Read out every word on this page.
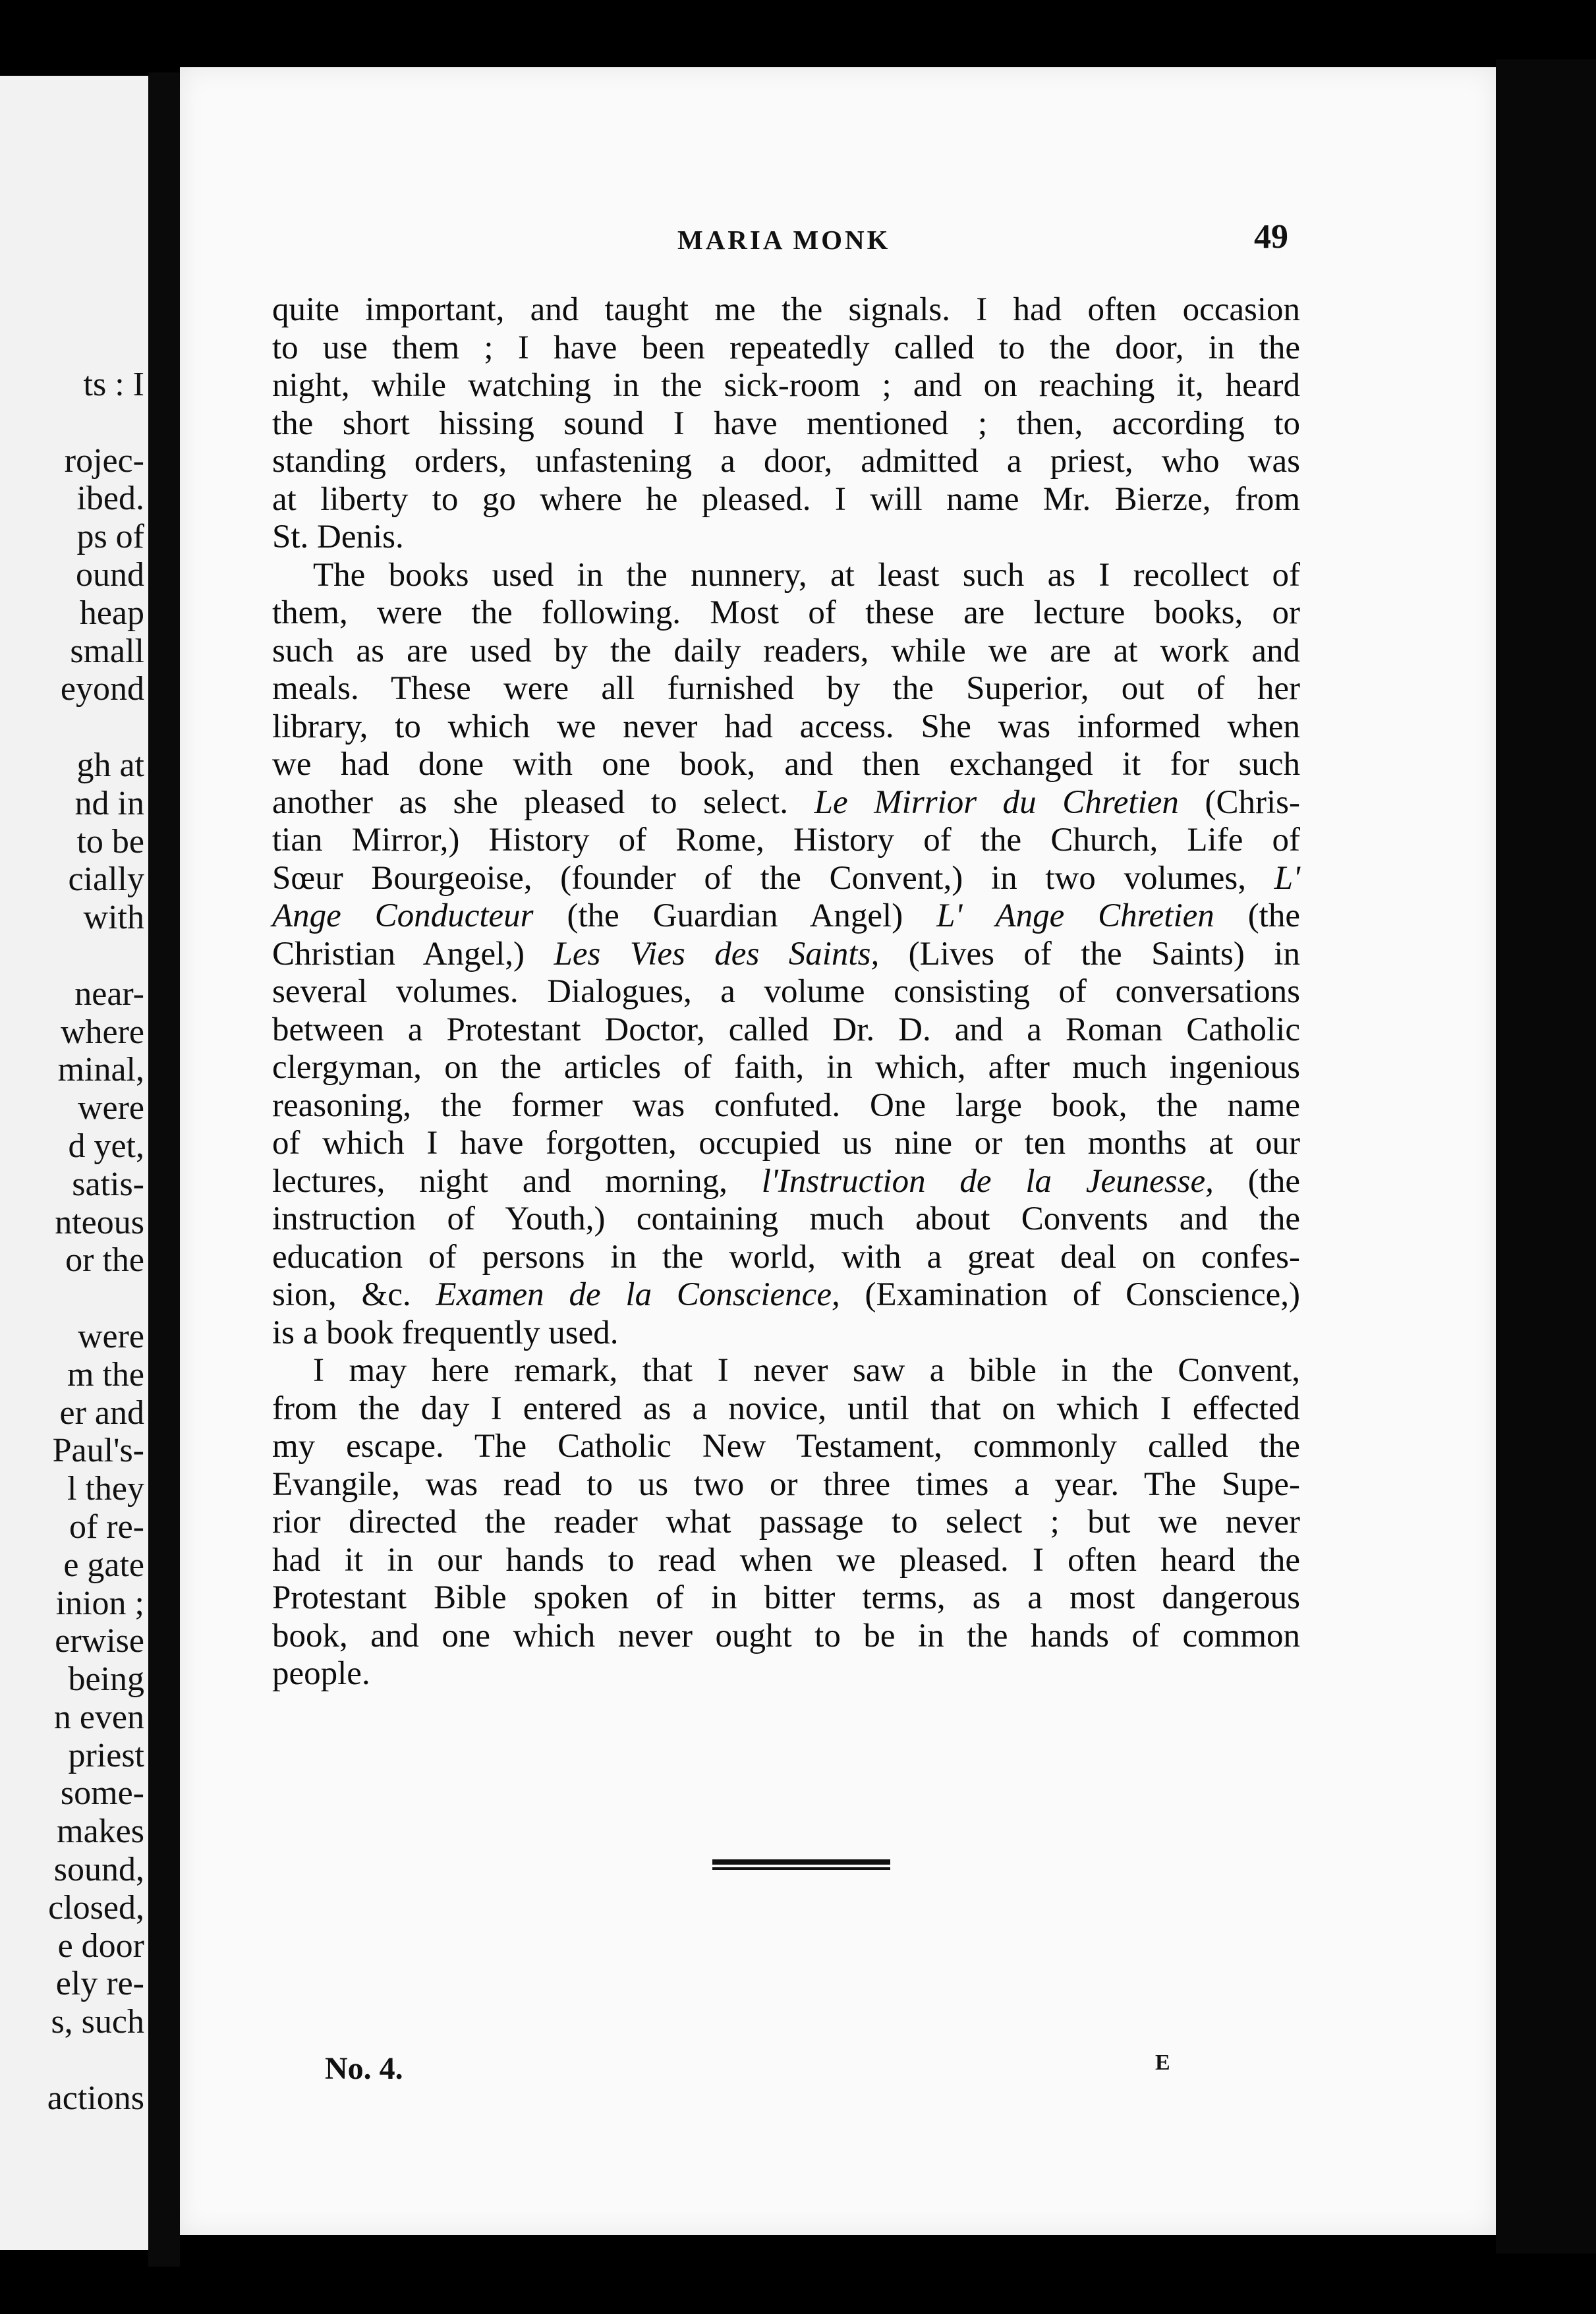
ts : I
rojec-
ibed.
ps of
ound
heap
small
eyond
gh at
nd in
to be
cially
with
near-
where
minal,
were
d yet,
satis-
nteous
or the
were
m the
er and
Paul's-
l they
of re-
e gate
inion ;
erwise
being
n even
priest
some-
makes
sound,
closed,
e door
ely re-
s, such
actions
MARIA MONK	49
quite important, and taught me the signals. I had often occasion
to use them ; I have been repeatedly called to the door, in the
night, while watching in the sick-room ; and on reaching it, heard
the short hissing sound I have mentioned ; then, according to
standing orders, unfastening a door, admitted a priest, who was
at liberty to go where he pleased. I will name Mr. Bierze, from
St. Denis.
The books used in the nunnery, at least such as I recollect of
them, were the following. Most of these are lecture books, or
such as are used by the daily readers, while we are at work and
meals. These were all furnished by the Superior, out of her
library, to which we never had access. She was informed when
we had done with one book, and then exchanged it for such
another as she pleased to select. Le Mirrior du Chretien (Chris-
tian Mirror,) History of Rome, History of the Church, Life of
Sœur Bourgeoise, (founder of the Convent,) in two volumes, L'
Ange Conducteur (the Guardian Angel) L' Ange Chretien (the
Christian Angel,) Les Vies des Saints, (Lives of the Saints) in
several volumes. Dialogues, a volume consisting of conversations
between a Protestant Doctor, called Dr. D. and a Roman Catholic
clergyman, on the articles of faith, in which, after much ingenious
reasoning, the former was confuted. One large book, the name
of which I have forgotten, occupied us nine or ten months at our
lectures, night and morning, l'Instruction de la Jeunesse, (the
instruction of Youth,) containing much about Convents and the
education of persons in the world, with a great deal on confes-
sion, &c. Examen de la Conscience, (Examination of Conscience,)
is a book frequently used.
I may here remark, that I never saw a bible in the Convent,
from the day I entered as a novice, until that on which I effected
my escape. The Catholic New Testament, commonly called the
Evangile, was read to us two or three times a year. The Supe-
rior directed the reader what passage to select ; but we never
had it in our hands to read when we pleased. I often heard the
Protestant Bible spoken of in bitter terms, as a most dangerous
book, and one which never ought to be in the hands of common
people.
No. 4.	E
